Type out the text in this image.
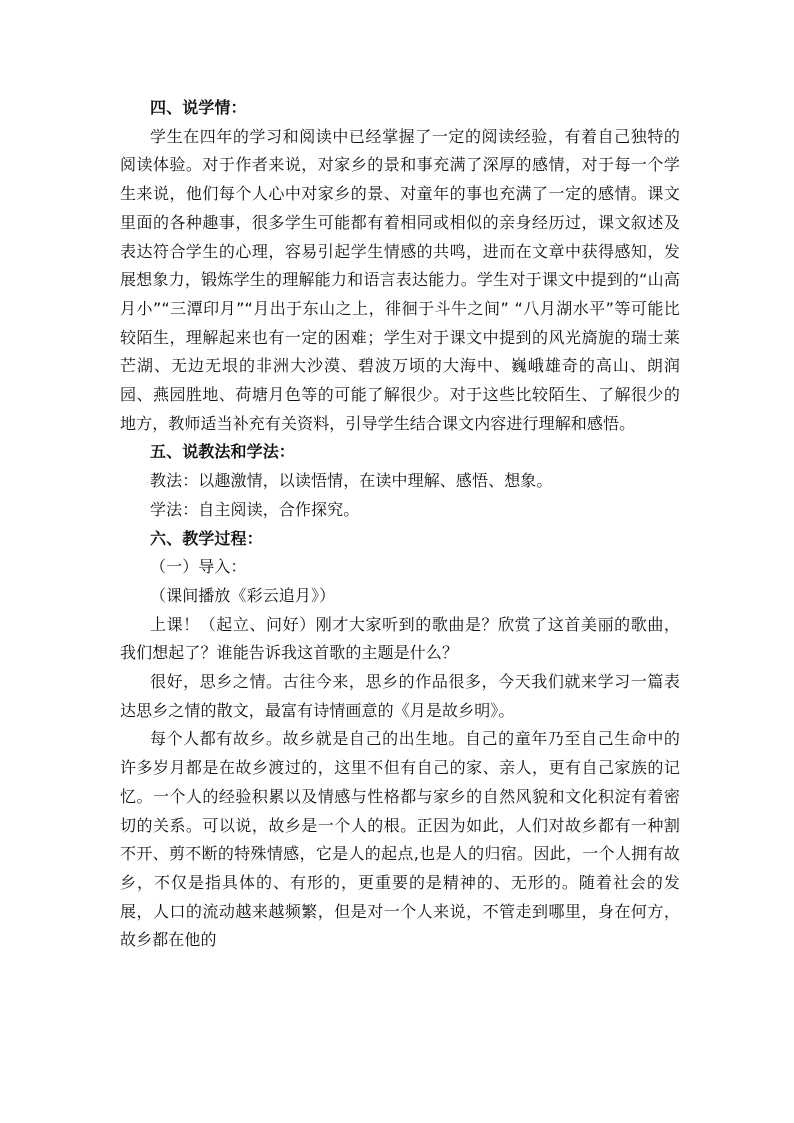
四、说学情：

学生在四年的学习和阅读中已经掌握了一定的阅读经验，有着自己独特的阅读体验。对于作者来说，对家乡的景和事充满了深厚的感情，对于每一个学生来说，他们每个人心中对家乡的景、对童年的事也充满了一定的感情。课文里面的各种趣事，很多学生可能都有着相同或相似的亲身经历过，课文叙述及表达符合学生的心理，容易引起学生情感的共鸣，进而在文章中获得感知，发展想象力，锻炼学生的理解能力和语言表达能力。学生对于课文中提到的“山高月小”“三潭印月”“月出于东山之上，徘徊于斗牛之间” “八月湖水平”等可能比较陌生，理解起来也有一定的困难；学生对于课文中提到的风光旖旎的瑞士莱芒湖、无边无垠的非洲大沙漠、碧波万顷的大海中、巍峨雄奇的高山、朗润园、燕园胜地、荷塘月色等的可能了解很少。对于这些比较陌生、了解很少的地方，教师适当补充有关资料，引导学生结合课文内容进行理解和感悟。

五、说教法和学法：

教法：以趣激情，以读悟情，在读中理解、感悟、想象。

学法：自主阅读，合作探究。

六、教学过程：

（一）导入：

（课间播放《彩云追月》）

上课！（起立、问好）刚才大家听到的歌曲是？欣赏了这首美丽的歌曲，我们想起了？谁能告诉我这首歌的主题是什么？

很好，思乡之情。古往今来，思乡的作品很多，今天我们就来学习一篇表达思乡之情的散文，最富有诗情画意的《月是故乡明》。

每个人都有故乡。故乡就是自己的出生地。自己的童年乃至自己生命中的许多岁月都是在故乡渡过的，这里不但有自己的家、亲人，更有自己家族的记忆。一个人的经验积累以及情感与性格都与家乡的自然风貌和文化积淀有着密切的关系。可以说，故乡是一个人的根。正因为如此，人们对故乡都有一种割不开、剪不断的特殊情感，它是人的起点,也是人的归宿。因此，一个人拥有故乡，不仅是指具体的、有形的，更重要的是精神的、无形的。随着社会的发展，人口的流动越来越频繁，但是对一个人来说，不管走到哪里，身在何方，故乡都在他的
